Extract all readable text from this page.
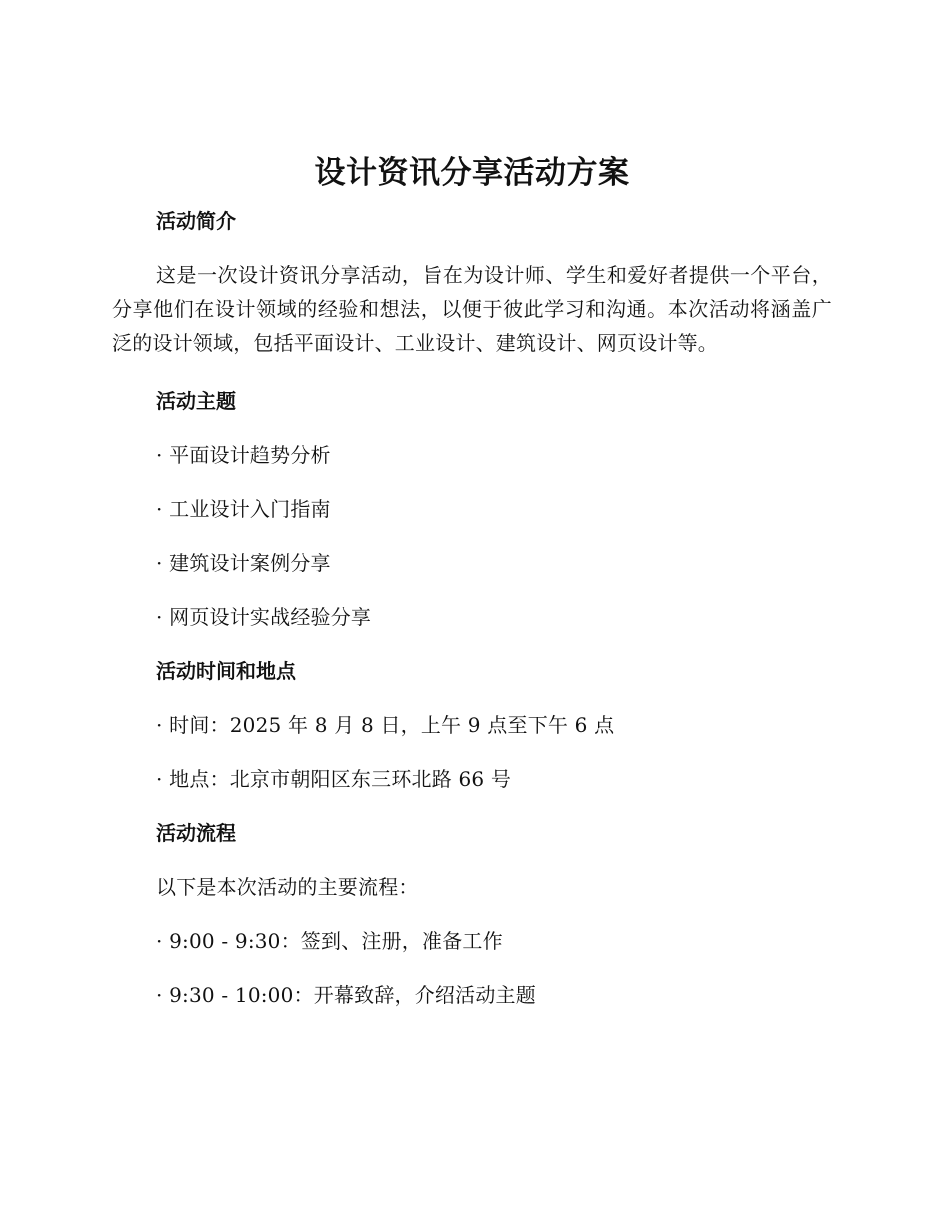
设计资讯分享活动方案
活动简介

这是一次设计资讯分享活动，旨在为设计师、学生和爱好者提供一个平台，分享他们在设计领域的经验和想法，以便于彼此学习和沟通。本次活动将涵盖广泛的设计领域，包括平面设计、工业设计、建筑设计、网页设计等。

活动主题
· 平面设计趋势分析
· 工业设计入门指南
· 建筑设计案例分享
· 网页设计实战经验分享
活动时间和地点
· 时间：2025 年 8 月 8 日，上午 9 点至下午 6 点
· 地点：北京市朝阳区东三环北路 66 号
活动流程
以下是本次活动的主要流程：
· 9:00 - 9:30：签到、注册，准备工作
· 9:30 - 10:00：开幕致辞，介绍活动主题
